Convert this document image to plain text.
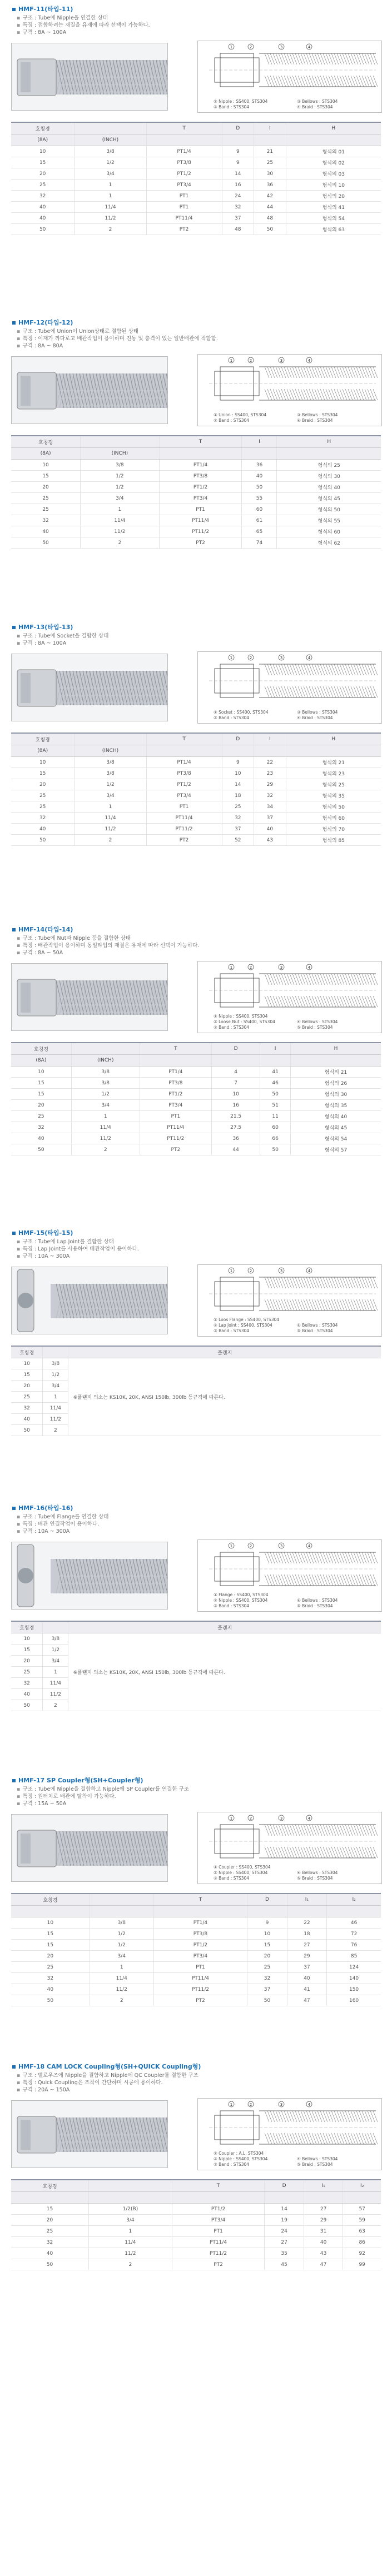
HMF-11(타입-11)
▪ 구조 : Tube에 Nipple을 연결한 상태
▪ 특징 : 접합하려는 재질을 유재에 따라 선택이 가능하다.
▪ 규격 : 8A ~ 100A
1	2	3	4
① Nipple : SS400, STS304
② Band : STS304
③ Bellows : STS304
④ Braid : STS304
호칭경		T	D	I	H
(8A)	(INCH)				
10	3/8	PT1/4	9	21	형식의 01
15	1/2	PT3/8	9	25	형식의 02
20	3/4	PT1/2	14	30	형식의 03
25	1	PT3/4	16	36	형식의 10
32	1	PT1	24	42	형식의 20
40	11/4	PT1	32	44	형식의 41
40	11/2	PT11/4	37	48	형식의 54
50	2	PT2	48	50	형식의 63
HMF-12(타입-12)
▪ 구조 : Tube에 Union이 Union상태로 결합된 상태
▪ 특징 : 이재가 까다로고 배관작업이 용이하며 진동 및 충격이 있는 일반배관에 적합함.
▪ 규격 : 8A ~ 80A
1	2	3	4
① Union : SS400, STS304
② Band : STS304
③ Bellows : STS304
④ Braid : STS304
호칭경		T	I	H
(8A)	(INCH)			
10	3/8	PT1/4	36	형식의 25
15	1/2	PT3/8	40	형식의 30
20	1/2	PT1/2	50	형식의 40
25	3/4	PT3/4	55	형식의 45
25	1	PT1	60	형식의 50
32	11/4	PT11/4	61	형식의 55
40	11/2	PT11/2	65	형식의 60
50	2	PT2	74	형식의 62
HMF-13(타입-13)
▪ 구조 : Tube에 Socket을 결합한 상태
▪ 규격 : 8A ~ 100A
1	2	3	4
① Socket : SS400, STS304
② Band : STS304
③ Bellows : STS304
④ Braid : STS304
호칭경		T	D	I	H
(8A)	(INCH)				
10	3/8	PT1/4	9	22	형식의 21
15	3/8	PT3/8	10	23	형식의 23
20	1/2	PT1/2	14	29	형식의 25
25	3/4	PT3/4	18	32	형식의 35
25	1	PT1	25	34	형식의 50
32	11/4	PT11/4	32	37	형식의 60
40	11/2	PT11/2	37	40	형식의 70
50	2	PT2	52	43	형식의 85
HMF-14(타입-14)
▪ 구조 : Tube에 Nut과 Nipple 등을 결합한 상태
▪ 특징 : 배관작업이 용이하며 동일타입의 재질은 유재에 따라 선택이 가능하다.
▪ 규격 : 8A ~ 50A
1	2	3	4
① Nipple : SS400, STS304
② Loose Nut : SS400, STS304
③ Band : STS304
④ Bellows : STS304
⑤ Braid : STS304
호칭경		T	D	I	H
(8A)	(INCH)				
10	3/8	PT1/4	4	41	형식의 21
15	3/8	PT3/8	7	46	형식의 26
15	1/2	PT1/2	10	50	형식의 30
20	3/4	PT3/4	16	51	형식의 35
25	1	PT1	21.5	11	형식의 40
32	11/4	PT11/4	27.5	60	형식의 45
40	11/2	PT11/2	36	66	형식의 54
50	2	PT2	44	50	형식의 57
HMF-15(타입-15)
▪ 구조 : Tube에 Lap Joint를 결합한 상태
▪ 특징 : Lap Joint를 사용하여 배관작업이 용이하다.
▪ 규격 : 10A ~ 300A
1	2	3	4
① Loos Flange : SS400, STS304
② Lap Joint : SS400, STS304
③ Band : STS304
④ Bellows : STS304
⑤ Braid : STS304
호칭경		플랜지
10	3/8	※플랜지 의소는 KS10K, 20K, ANSI 150lb, 300lb 등규격에 따른다.
15	1/2	
20	3/4	
25	1	
32	11/4	
40	11/2	
50	2	
HMF-16(타입-16)
▪ 구조 : Tube에 Flange를 연결한 상태
▪ 특징 : 배관 연결작업이 용이하다.
▪ 규격 : 10A ~ 300A
1	2	3	4
① Flange : SS400, STS304
② Nipple : SS400, STS304
③ Band : STS304
④ Bellows : STS304
⑤ Braid : STS304
호칭경		플랜지
10	3/8	※플랜지 의소는 KS10K, 20K, ANSI 150lb, 300lb 등규격에 따른다.
15	1/2	
20	3/4	
25	1	
32	11/4	
40	11/2	
50	2	
HMF-17 SP Coupler형(SH+Coupler형)
▪ 구조 : Tube에 Nipple을 결합하고 Nipple에 SP Coupler를 연결한 구조
▪ 특징 : 원터치로 배관에 탈착이 가능하다.
▪ 규격 : 15A ~ 50A
1	2	3	4
① Coupler : SS400, STS304
② Nipple : SS400, STS304
③ Band : STS304
④ Bellows : STS304
⑤ Braid : STS304
호칭경		T	D	I₁	I₂

10	3/8	PT1/4	9	22	46
15	1/2	PT3/8	10	18	72
15	1/2	PT1/2	15	27	76
20	3/4	PT3/4	20	29	85
25	1	PT1	25	37	124
32	11/4	PT11/4	32	40	140
40	11/2	PT11/2	37	41	150
50	2	PT2	50	47	160
HMF-18 CAM LOCK Coupling형(SH+QUICK Coupling형)
▪ 구조 : 벨로우즈에 Nipple을 결합하고 Nipple에 QC Coupler를 결합한 구조
▪ 특징 : Quick Coupling은 조작이 간단하며 시공에 용이하다.
▪ 규격 : 20A ~ 150A
1	2	3	4
① Coupler : A.L, STS304
② Nipple : SS400, STS304
③ Band : STS304
④ Bellows : STS304
⑤ Braid : STS304
호칭경		T	D	I₁	I₂

15	1/2(B)	PT1/2	14	27	57
20	3/4	PT3/4	19	29	59
25	1	PT1	24	31	63
32	11/4	PT11/4	27	40	86
40	11/2	PT11/2	35	43	92
50	2	PT2	45	47	99
